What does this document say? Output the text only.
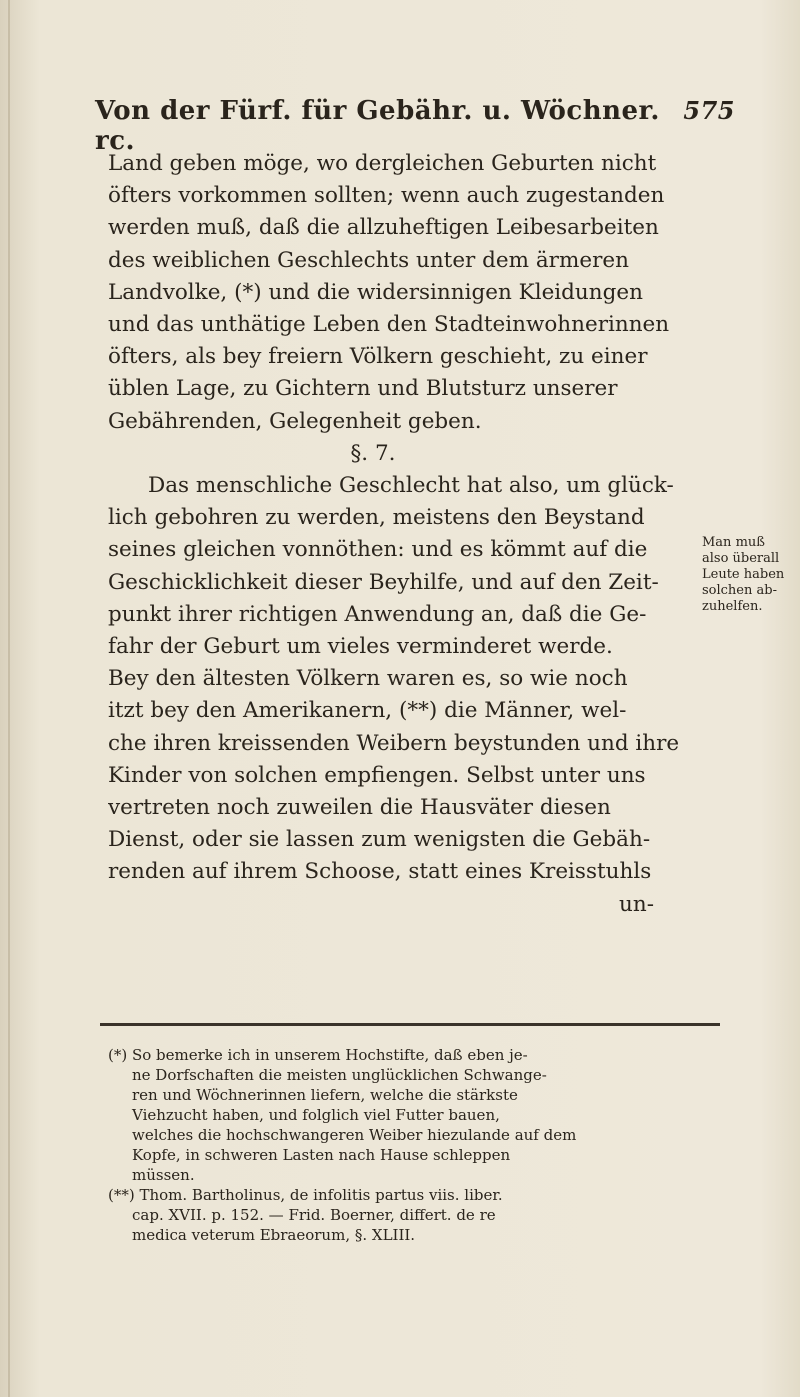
Von der Fürf. für Gebähr. u. Wöchner. rc.
575
Land geben möge, wo dergleichen Geburten nicht
öfters vorkommen sollten; wenn auch zugestanden
werden muß, daß die allzuheftigen Leibesarbeiten
des weiblichen Geschlechts unter dem ärmeren
Landvolke, (*) und die widersinnigen Kleidungen
und das unthätige Leben den Stadteinwohnerinnen
öfters, als bey freiern Völkern geschieht, zu einer
üblen Lage, zu Gichtern und Blutsturz unserer
Gebährenden, Gelegenheit geben.
§. 7.
Das menschliche Geschlecht hat also, um glück-
lich gebohren zu werden, meistens den Beystand
seines gleichen vonnöthen: und es kömmt auf die
Geschicklichkeit dieser Beyhilfe, und auf den Zeit-
punkt ihrer richtigen Anwendung an, daß die Ge-
fahr der Geburt um vieles verminderet werde.
Bey den ältesten Völkern waren es, so wie noch
itzt bey den Amerikanern, (**) die Männer, wel-
che ihren kreissenden Weibern beystunden und ihre
Kinder von solchen empfiengen. Selbst unter uns
vertreten noch zuweilen die Hausväter diesen
Dienst, oder sie lassen zum wenigsten die Gebäh-
renden auf ihrem Schoose, statt eines Kreisstuhls
un-
Man muß
also überall
Leute haben
solchen ab-
zuhelfen.
(*) So bemerke ich in unserem Hochstifte, daß eben je-
ne Dorfschaften die meisten unglücklichen Schwange-
ren und Wöchnerinnen liefern, welche die stärkste
Viehzucht haben, und folglich viel Futter bauen,
welches die hochschwangeren Weiber hiezulande auf dem
Kopfe, in schweren Lasten nach Hause schleppen
müssen.
(**) Thom. Bartholinus, de infolitis partus viis. liber.
cap. XVII. p. 152. — Frid. Boerner, differt. de re
medica veterum Ebraeorum, §. XLIII.
